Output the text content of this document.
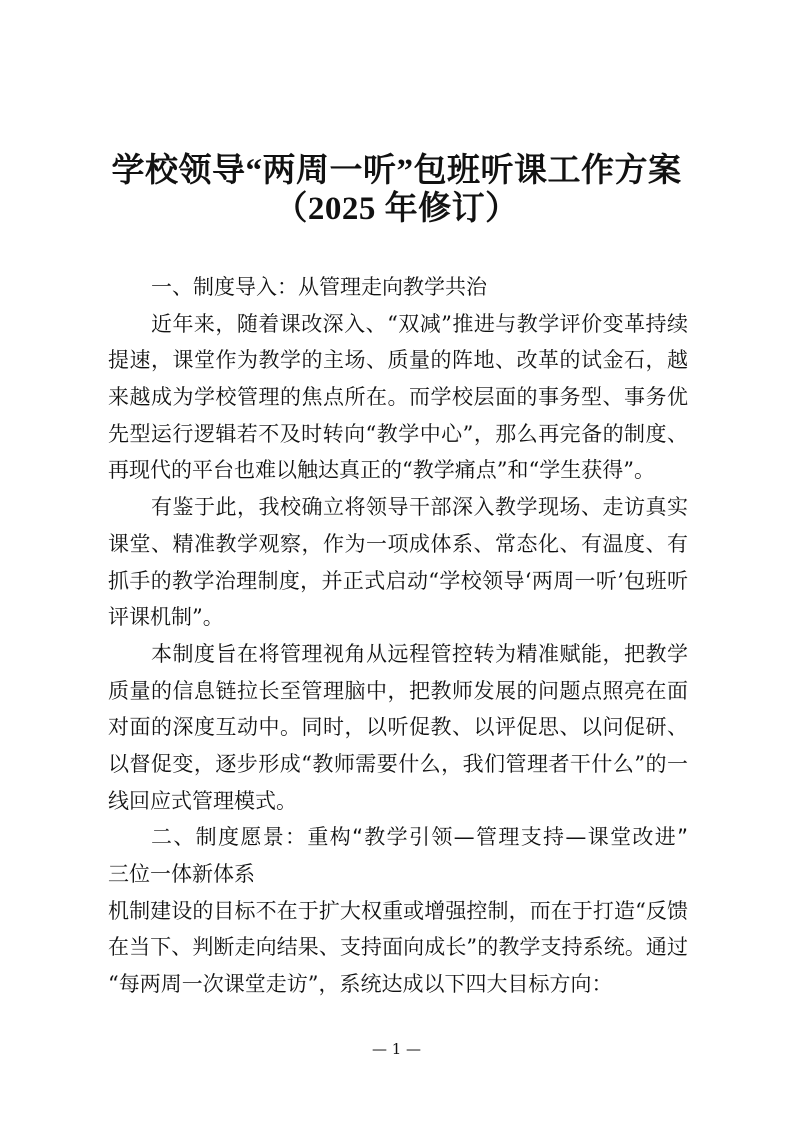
学校领导“两周一听”包班听课工作方案
（2025 年修订）
一、制度导入：从管理走向教学共治
近年来，随着课改深入、“双减”推进与教学评价变革持续
提速，课堂作为教学的主场、质量的阵地、改革的试金石，越
来越成为学校管理的焦点所在。而学校层面的事务型、事务优
先型运行逻辑若不及时转向“教学中心”，那么再完备的制度、
再现代的平台也难以触达真正的“教学痛点”和“学生获得”。
有鉴于此，我校确立将领导干部深入教学现场、走访真实
课堂、精准教学观察，作为一项成体系、常态化、有温度、有
抓手的教学治理制度，并正式启动“学校领导‘两周一听’包班听
评课机制”。
本制度旨在将管理视角从远程管控转为精准赋能，把教学
质量的信息链拉长至管理脑中，把教师发展的问题点照亮在面
对面的深度互动中。同时，以听促教、以评促思、以问促研、
以督促变，逐步形成“教师需要什么，我们管理者干什么”的一
线回应式管理模式。
二、制度愿景：重构“教学引领—管理支持—课堂改进”
三位一体新体系
机制建设的目标不在于扩大权重或增强控制，而在于打造“反馈
在当下、判断走向结果、支持面向成长”的教学支持系统。通过
“每两周一次课堂走访”，系统达成以下四大目标方向：
— 1 —
